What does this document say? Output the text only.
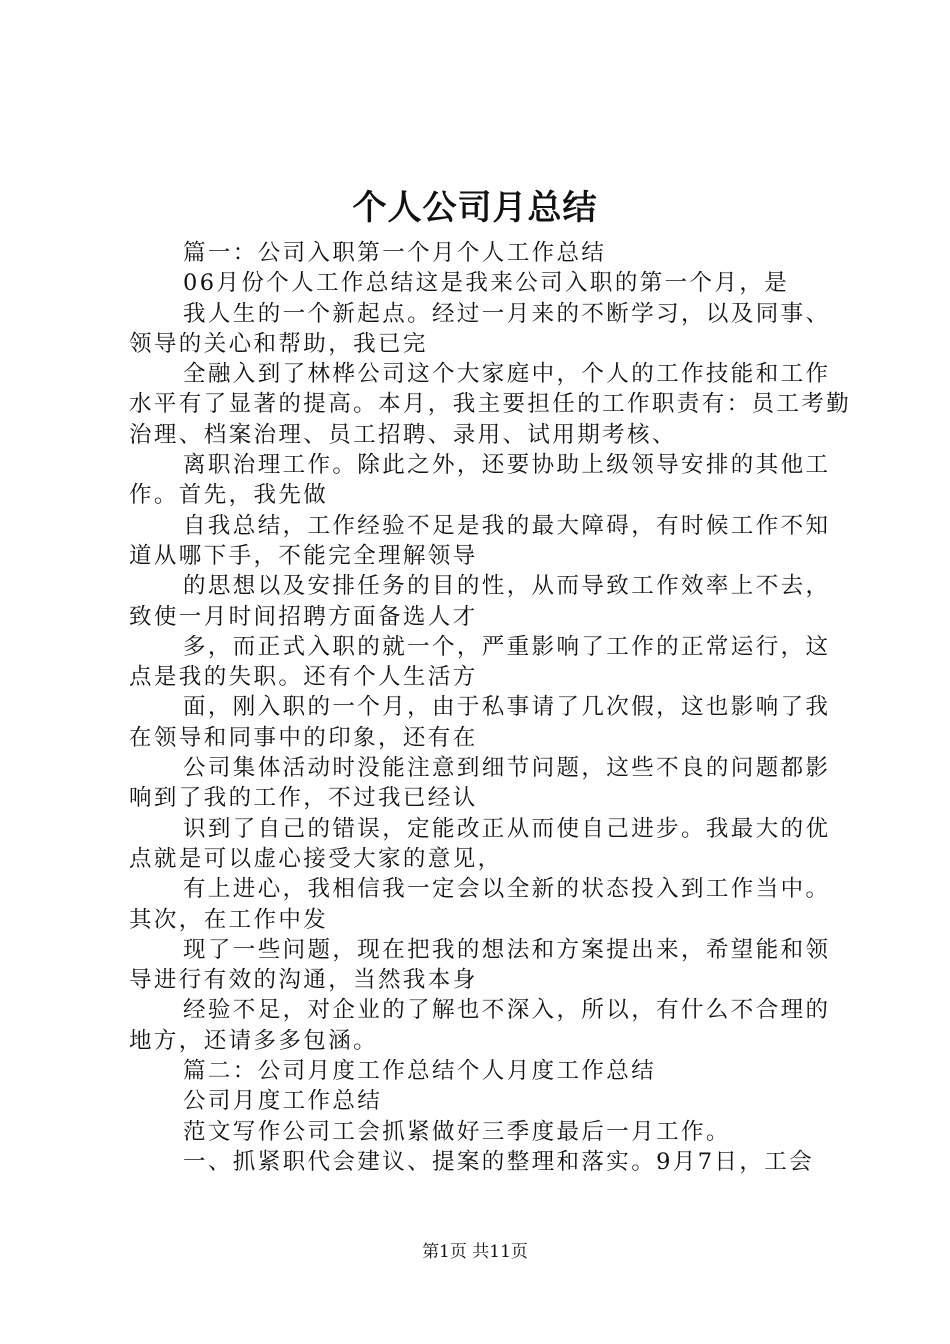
个人公司月总结

篇一：公司入职第一个月个人工作总结

06月份个人工作总结这是我来公司入职的第一个月，是

我人生的一个新起点。经过一月来的不断学习，以及同事、领导的关心和帮助，我已完

全融入到了林桦公司这个大家庭中，个人的工作技能和工作水平有了显著的提高。本月，我主要担任的工作职责有：员工考勤治理、档案治理、员工招聘、录用、试用期考核、

离职治理工作。除此之外，还要协助上级领导安排的其他工作。首先，我先做

自我总结，工作经验不足是我的最大障碍，有时候工作不知道从哪下手，不能完全理解领导

的思想以及安排任务的目的性，从而导致工作效率上不去，致使一月时间招聘方面备选人才

多，而正式入职的就一个，严重影响了工作的正常运行，这点是我的失职。还有个人生活方

面，刚入职的一个月，由于私事请了几次假，这也影响了我在领导和同事中的印象，还有在

公司集体活动时没能注意到细节问题，这些不良的问题都影响到了我的工作，不过我已经认

识到了自己的错误，定能改正从而使自己进步。我最大的优点就是可以虚心接受大家的意见，

有上进心，我相信我一定会以全新的状态投入到工作当中。其次，在工作中发

现了一些问题，现在把我的想法和方案提出来，希望能和领导进行有效的沟通，当然我本身

经验不足，对企业的了解也不深入，所以，有什么不合理的地方，还请多多包涵。

篇二：公司月度工作总结个人月度工作总结

公司月度工作总结

范文写作公司工会抓紧做好三季度最后一月工作。

一、抓紧职代会建议、提案的整理和落实。9月7日，工会

第1页 共11页
